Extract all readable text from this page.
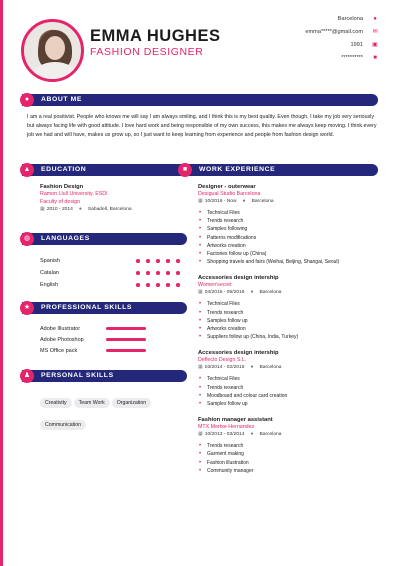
EMMA HUGHES
FASHION DESIGNER
Barcelona ●
emma*****@gmail.com ✉
1991 ▣
********** ■
●	ABOUT ME
I am a real positivist. People who knows me will say I am always smiling, and I think this is my best quality. Even though, I take my job very seriously but always facing life with good attitude. I love hard work and being responsible of my own success, this makes me always keep moving. I think every job we had and will have, makes us grow up, so I just want to keep learning from experience and people from fashion design world.
▲	EDUCATION
Fashion Design
Ramon Llull University, ESDI
Faculty of design
▦ 2010 - 2014 ● Sabadell, Barcelona
◍	LANGUAGES
Spanish
Catalan
English
★	PROFESSIONAL SKILLS
Adobe Illustrator
Adobe Photoshop
MS Office pack
♟	PERSONAL SKILLS
Creativity Team Work OrganizationCommunication
■	WORK EXPERIENCE
Designer - outerwear
Desigual Studio Barcelona
▦ 10/2016 - Now ● Barcelona
• Technical Files
• Trends research
• Samples following
• Patterns modifications
• Artworks creation
• Factories follow up (China)
• Shopping travels and fairs (Weihai, Beijing, Shangai, Seoul)
Accessories design intership
Women'secret
▦ 04/2015 - 05/2016 ● Barcelona
• Technical Files
• Trends research
• Samples follow up
• Artworks creation
• Suppliers follow up (China, India, Turkey)
Accessories design intership
Deflecto Design S.L.
▦ 03/2014 - 02/2015 ● Barcelona
• Technical Files
• Trends research
• Moodboard and colour card creation
• Samples follow up
Fashion manager assistant
MTX Mertxe Hernandez
▦ 10/2013 - 03/2014 ● Barcelona
• Trends research
• Garment making
• Fashion illustration
• Community manager
